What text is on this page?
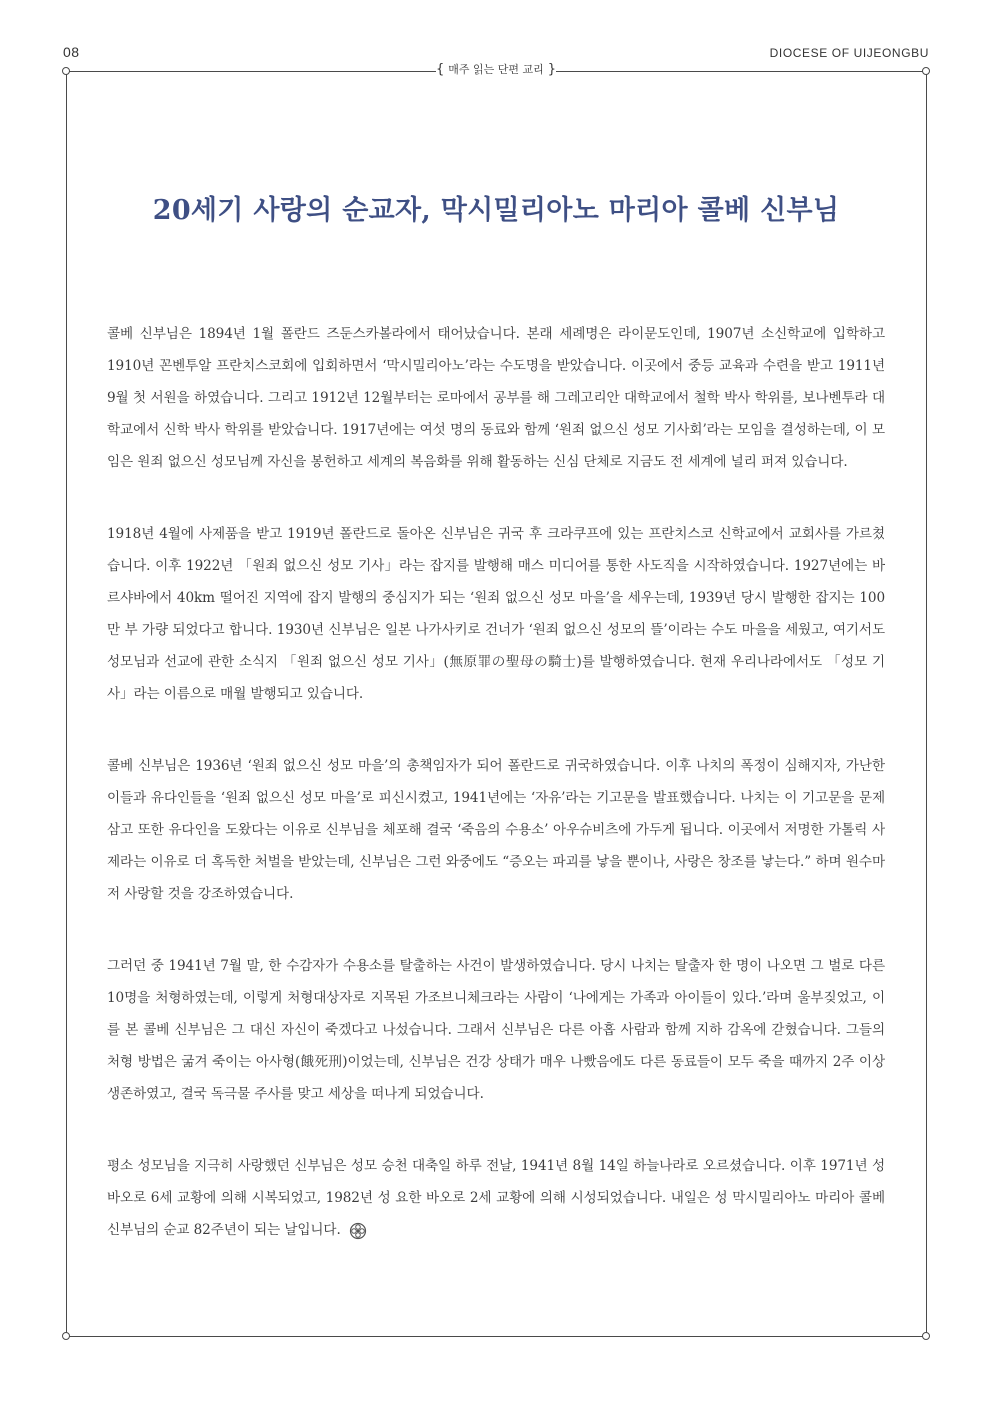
08	DIOCESE OF UIJEONGBU
{ 매주 읽는 단편 교리 }
20세기 사랑의 순교자, 막시밀리아노 마리아 콜베 신부님

콜베 신부님은 1894년 1월 폴란드 즈둔스카볼라에서 태어났습니다. 본래 세례명은 라이문도인데, 1907년 소신학교에 입학하고 1910년 꼰벤투알 프란치스코회에 입회하면서 ‘막시밀리아노’라는 수도명을 받았습니다. 이곳에서 중등 교육과 수련을 받고 1911년 9월 첫 서원을 하였습니다. 그리고 1912년 12월부터는 로마에서 공부를 해 그레고리안 대학교에서 철학 박사 학위를, 보나벤투라 대학교에서 신학 박사 학위를 받았습니다. 1917년에는 여섯 명의 동료와 함께 ‘원죄 없으신 성모 기사회’라는 모임을 결성하는데, 이 모임은 원죄 없으신 성모님께 자신을 봉헌하고 세계의 복음화를 위해 활동하는 신심 단체로 지금도 전 세계에 널리 퍼져 있습니다.

1918년 4월에 사제품을 받고 1919년 폴란드로 돌아온 신부님은 귀국 후 크라쿠프에 있는 프란치스코 신학교에서 교회사를 가르쳤습니다. 이후 1922년 「원죄 없으신 성모 기사」라는 잡지를 발행해 매스 미디어를 통한 사도직을 시작하였습니다. 1927년에는 바르샤바에서 40km 떨어진 지역에 잡지 발행의 중심지가 되는 ‘원죄 없으신 성모 마을’을 세우는데, 1939년 당시 발행한 잡지는 100만 부 가량 되었다고 합니다. 1930년 신부님은 일본 나가사키로 건너가 ‘원죄 없으신 성모의 뜰’이라는 수도 마을을 세웠고, 여기서도 성모님과 선교에 관한 소식지 「원죄 없으신 성모 기사」(無原罪の聖母の騎士)를 발행하였습니다. 현재 우리나라에서도 「성모 기사」라는 이름으로 매월 발행되고 있습니다.

콜베 신부님은 1936년 ‘원죄 없으신 성모 마을’의 총책임자가 되어 폴란드로 귀국하였습니다. 이후 나치의 폭정이 심해지자, 가난한 이들과 유다인들을 ‘원죄 없으신 성모 마을’로 피신시켰고, 1941년에는 ‘자유’라는 기고문을 발표했습니다. 나치는 이 기고문을 문제 삼고 또한 유다인을 도왔다는 이유로 신부님을 체포해 결국 ‘죽음의 수용소’ 아우슈비츠에 가두게 됩니다. 이곳에서 저명한 가톨릭 사제라는 이유로 더 혹독한 처벌을 받았는데, 신부님은 그런 와중에도 “증오는 파괴를 낳을 뿐이나, 사랑은 창조를 낳는다.” 하며 원수마저 사랑할 것을 강조하였습니다.

그러던 중 1941년 7월 말, 한 수감자가 수용소를 탈출하는 사건이 발생하였습니다. 당시 나치는 탈출자 한 명이 나오면 그 벌로 다른 10명을 처형하였는데, 이렇게 처형대상자로 지목된 가조브니체크라는 사람이 ‘나에게는 가족과 아이들이 있다.’라며 울부짖었고, 이를 본 콜베 신부님은 그 대신 자신이 죽겠다고 나섰습니다. 그래서 신부님은 다른 아홉 사람과 함께 지하 감옥에 갇혔습니다. 그들의 처형 방법은 굶겨 죽이는 아사형(餓死刑)이었는데, 신부님은 건강 상태가 매우 나빴음에도 다른 동료들이 모두 죽을 때까지 2주 이상 생존하였고, 결국 독극물 주사를 맞고 세상을 떠나게 되었습니다.

평소 성모님을 지극히 사랑했던 신부님은 성모 승천 대축일 하루 전날, 1941년 8월 14일 하늘나라로 오르셨습니다. 이후 1971년 성 바오로 6세 교황에 의해 시복되었고, 1982년 성 요한 바오로 2세 교황에 의해 시성되었습니다. 내일은 성 막시밀리아노 마리아 콜베 신부님의 순교 82주년이 되는 날입니다.
